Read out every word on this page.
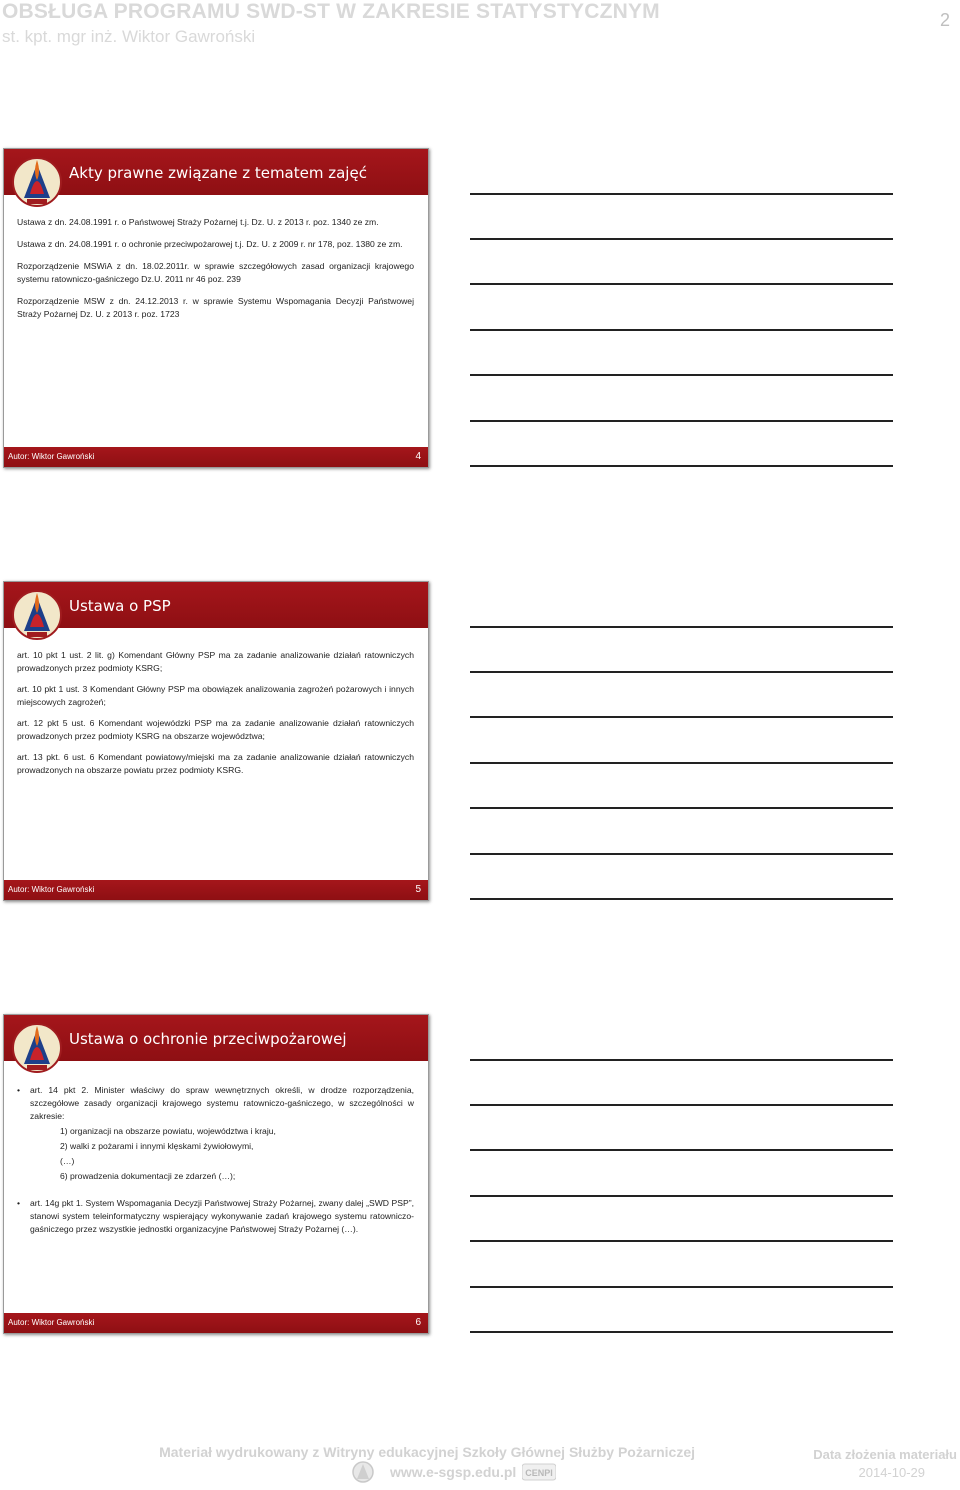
OBSŁUGA PROGRAMU SWD-ST W ZAKRESIE STATYSTYCZNYM
st. kpt. mgr inż. Wiktor Gawroński
2
Akty prawne związane z tematem zajęć

Ustawa z dn. 24.08.1991 r. o Państwowej Straży Pożarnej t.j. Dz. U. z 2013 r. poz. 1340 ze zm.

Ustawa z dn. 24.08.1991 r. o ochronie przeciwpożarowej t.j. Dz. U. z 2009 r. nr 178, poz. 1380 ze zm.

Rozporządzenie MSWiA z dn. 18.02.2011r. w sprawie szczegółowych zasad organizacji krajowego systemu ratowniczo-gaśniczego Dz.U. 2011 nr 46 poz. 239

Rozporządzenie MSW z dn. 24.12.2013 r. w sprawie Systemu Wspomagania Decyzji Państwowej Straży Pożarnej Dz. U. z 2013 r. poz. 1723

Autor: Wiktor Gawroński	4
Ustawa o PSP

art. 10 pkt 1 ust. 2 lit. g) Komendant Główny PSP ma za zadanie analizowanie działań ratowniczych prowadzonych przez podmioty KSRG;

art. 10 pkt 1 ust. 3 Komendant Główny PSP ma obowiązek analizowania zagrożeń pożarowych i innych miejscowych zagrożeń;

art. 12 pkt 5 ust. 6 Komendant wojewódzki PSP ma za zadanie analizowanie działań ratowniczych prowadzonych przez podmioty KSRG na obszarze województwa;

art. 13 pkt. 6 ust. 6 Komendant powiatowy/miejski ma za zadanie analizowanie działań ratowniczych prowadzonych na obszarze powiatu przez podmioty KSRG.

Autor: Wiktor Gawroński	5
Ustawa o ochronie przeciwpożarowej
• art. 14 pkt 2. Minister właściwy do spraw wewnętrznych określi, w drodze rozporządzenia, szczegółowe zasady organizacji krajowego systemu ratowniczo-gaśniczego, w szczególności w zakresie:
1) organizacji na obszarze powiatu, województwa i kraju,
2) walki z pożarami i innymi klęskami żywiołowymi,
(…)
6) prowadzenia dokumentacji ze zdarzeń (…);
• art. 14g pkt 1. System Wspomagania Decyzji Państwowej Straży Pożarnej, zwany dalej „SWD PSP”, stanowi system teleinformatyczny wspierający wykonywanie zadań krajowego systemu ratowniczo-gaśniczego przez wszystkie jednostki organizacyjne Państwowej Straży Pożarnej (…).
Autor: Wiktor Gawroński	6
Materiał wydrukowany z Witryny edukacyjnej Szkoły Głównej Służby Pożarniczej
www.e-sgsp.edu.pl CENPI
Data złożenia materiału
2014-10-29
